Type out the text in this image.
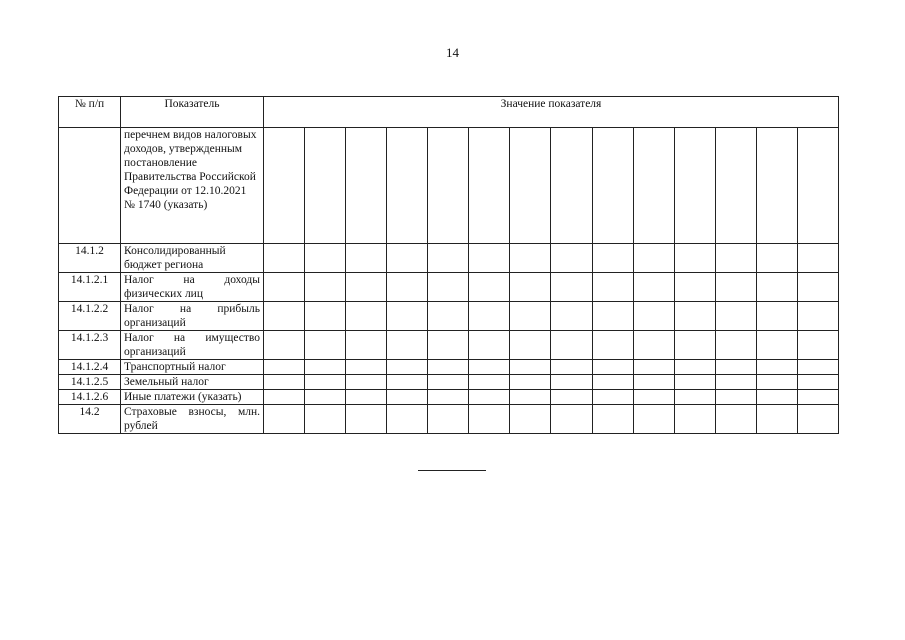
14
№ п/п	Показатель	Значение показателя													
	перечнем видов налоговых доходов, утвержденным постановление Правительства Российской Федерации от 12.10.2021 № 1740 (указать)														
14.1.2	Консолидированный бюджет региона														
14.1.2.1	Налог на доходы физических лиц														
14.1.2.2	Налог на прибыль организаций														
14.1.2.3	Налог на имущество организаций														
14.1.2.4	Транспортный налог														
14.1.2.5	Земельный налог														
14.1.2.6	Иные платежи (указать)														
14.2	Страховые взносы, млн. рублей														
